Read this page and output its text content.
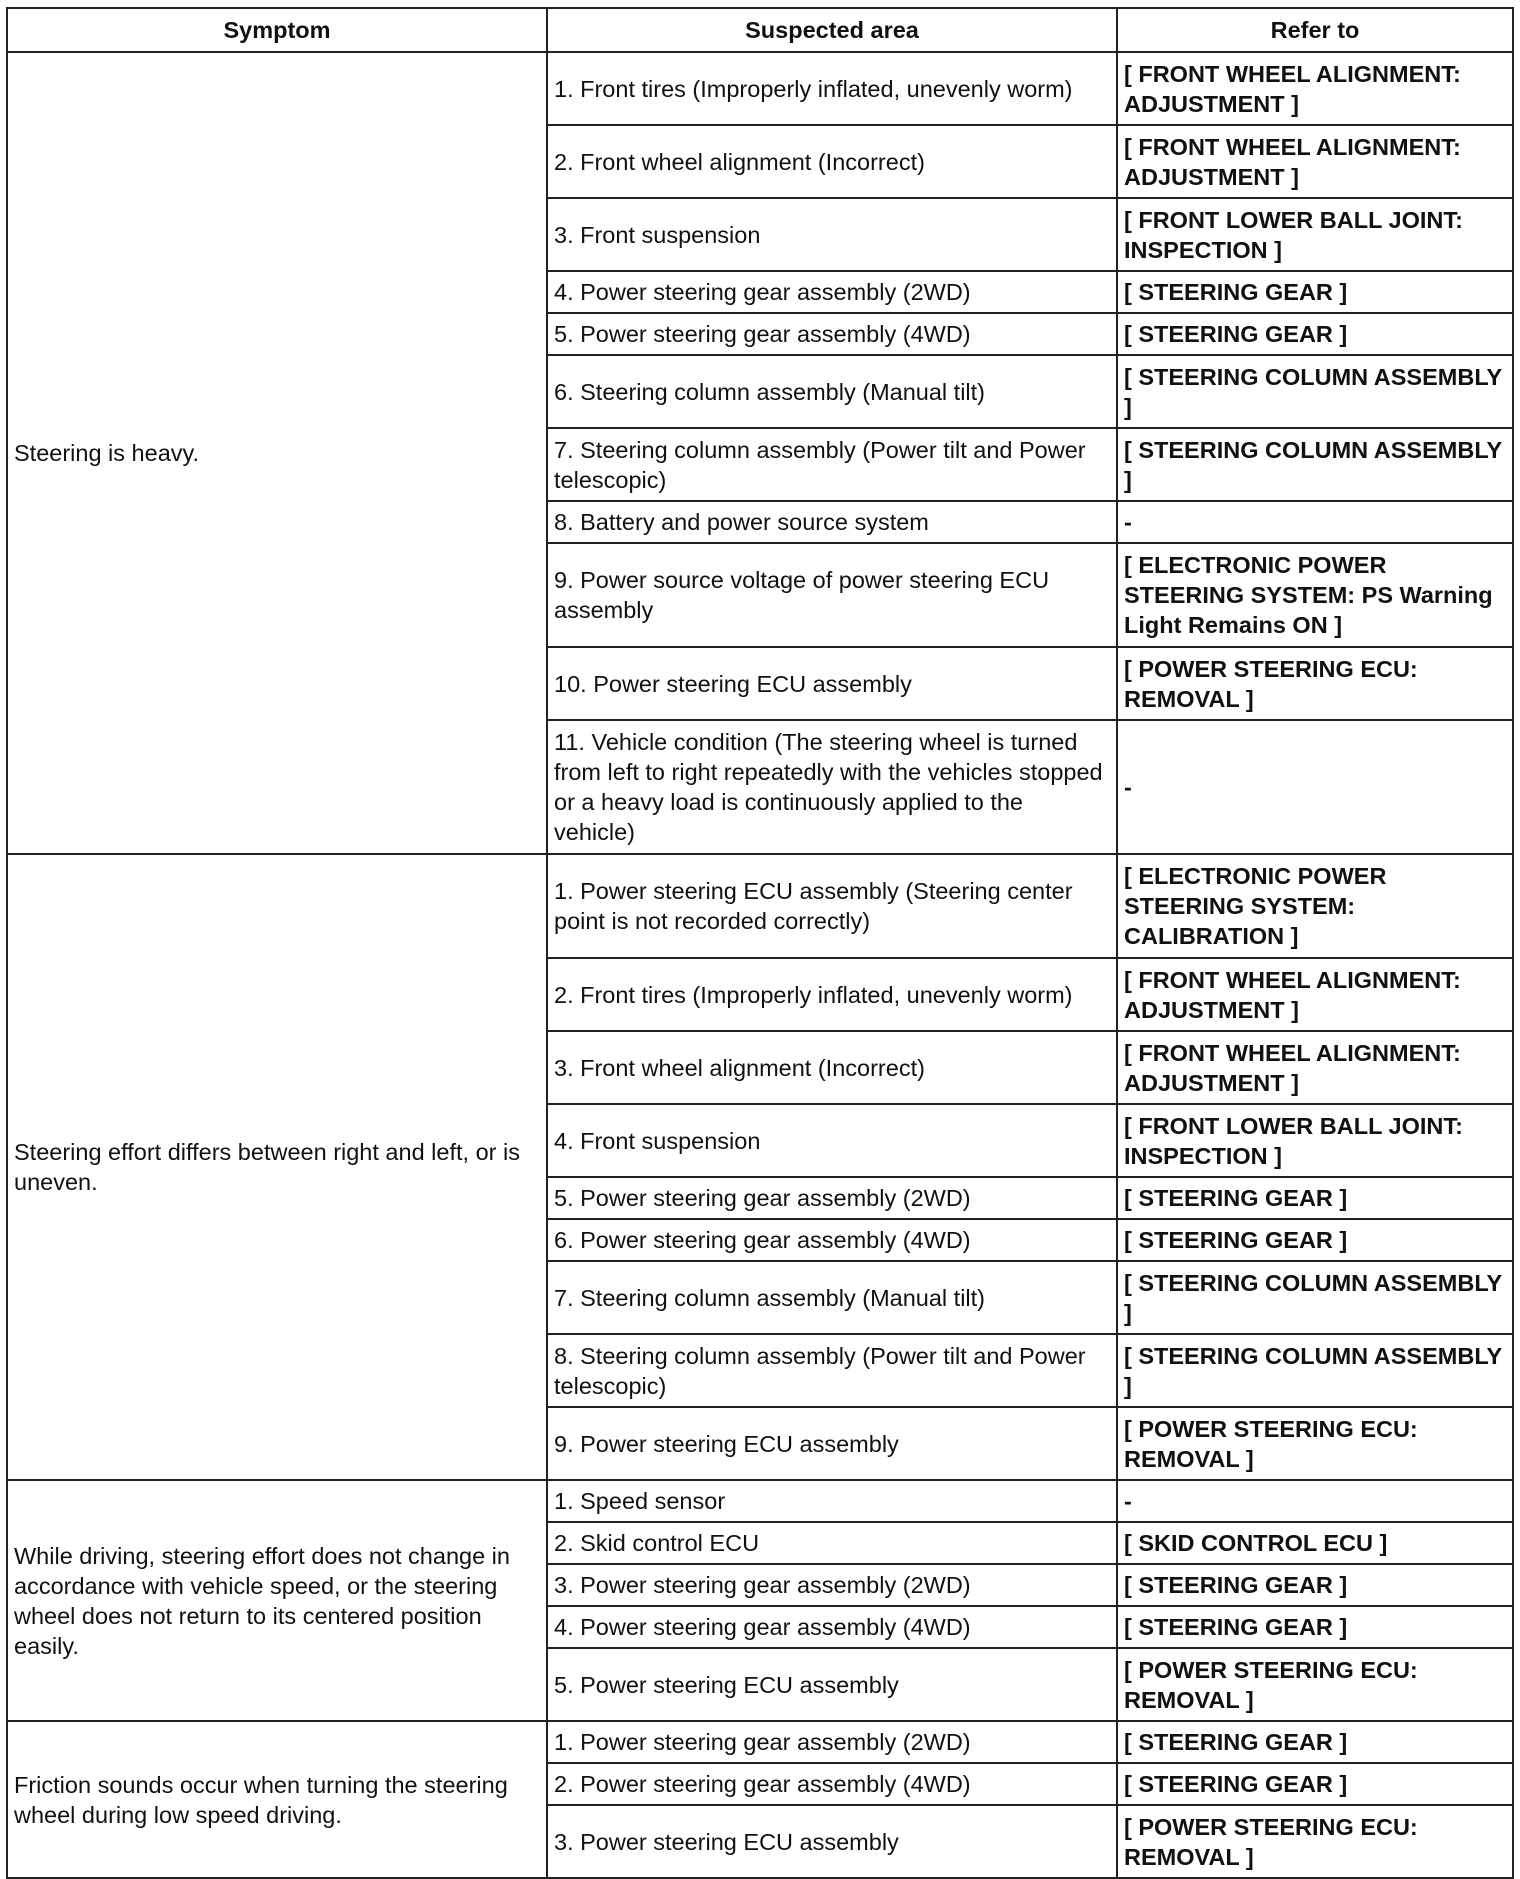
Symptom	Suspected area	Refer to
Steering is heavy.	1. Front tires (Improperly inflated, unevenly worm)	[ FRONT WHEEL ALIGNMENT: ADJUSTMENT ]
	2. Front wheel alignment (Incorrect)	[ FRONT WHEEL ALIGNMENT: ADJUSTMENT ]
	3. Front suspension	[ FRONT LOWER BALL JOINT: INSPECTION ]
	4. Power steering gear assembly (2WD)	[ STEERING GEAR ]
	5. Power steering gear assembly (4WD)	[ STEERING GEAR ]
	6. Steering column assembly (Manual tilt)	[ STEERING COLUMN ASSEMBLY ]
	7. Steering column assembly (Power tilt and Power telescopic)	[ STEERING COLUMN ASSEMBLY ]
	8. Battery and power source system	-
	9. Power source voltage of power steering ECU assembly	[ ELECTRONIC POWER STEERING SYSTEM: PS Warning Light Remains ON ]
	10. Power steering ECU assembly	[ POWER STEERING ECU: REMOVAL ]
	11. Vehicle condition (The steering wheel is turned from left to right repeatedly with the vehicles stopped or a heavy load is continuously applied to the vehicle)	-
Steering effort differs between right and left, or is uneven.	1. Power steering ECU assembly (Steering center point is not recorded correctly)	[ ELECTRONIC POWER STEERING SYSTEM: CALIBRATION ]
	2. Front tires (Improperly inflated, unevenly worm)	[ FRONT WHEEL ALIGNMENT: ADJUSTMENT ]
	3. Front wheel alignment (Incorrect)	[ FRONT WHEEL ALIGNMENT: ADJUSTMENT ]
	4. Front suspension	[ FRONT LOWER BALL JOINT: INSPECTION ]
	5. Power steering gear assembly (2WD)	[ STEERING GEAR ]
	6. Power steering gear assembly (4WD)	[ STEERING GEAR ]
	7. Steering column assembly (Manual tilt)	[ STEERING COLUMN ASSEMBLY ]
	8. Steering column assembly (Power tilt and Power telescopic)	[ STEERING COLUMN ASSEMBLY ]
	9. Power steering ECU assembly	[ POWER STEERING ECU: REMOVAL ]
While driving, steering effort does not change in accordance with vehicle speed, or the steering wheel does not return to its centered position easily.	1. Speed sensor	-
	2. Skid control ECU	[ SKID CONTROL ECU ]
	3. Power steering gear assembly (2WD)	[ STEERING GEAR ]
	4. Power steering gear assembly (4WD)	[ STEERING GEAR ]
	5. Power steering ECU assembly	[ POWER STEERING ECU: REMOVAL ]
Friction sounds occur when turning the steering wheel during low speed driving.	1. Power steering gear assembly (2WD)	[ STEERING GEAR ]
	2. Power steering gear assembly (4WD)	[ STEERING GEAR ]
	3. Power steering ECU assembly	[ POWER STEERING ECU: REMOVAL ]
